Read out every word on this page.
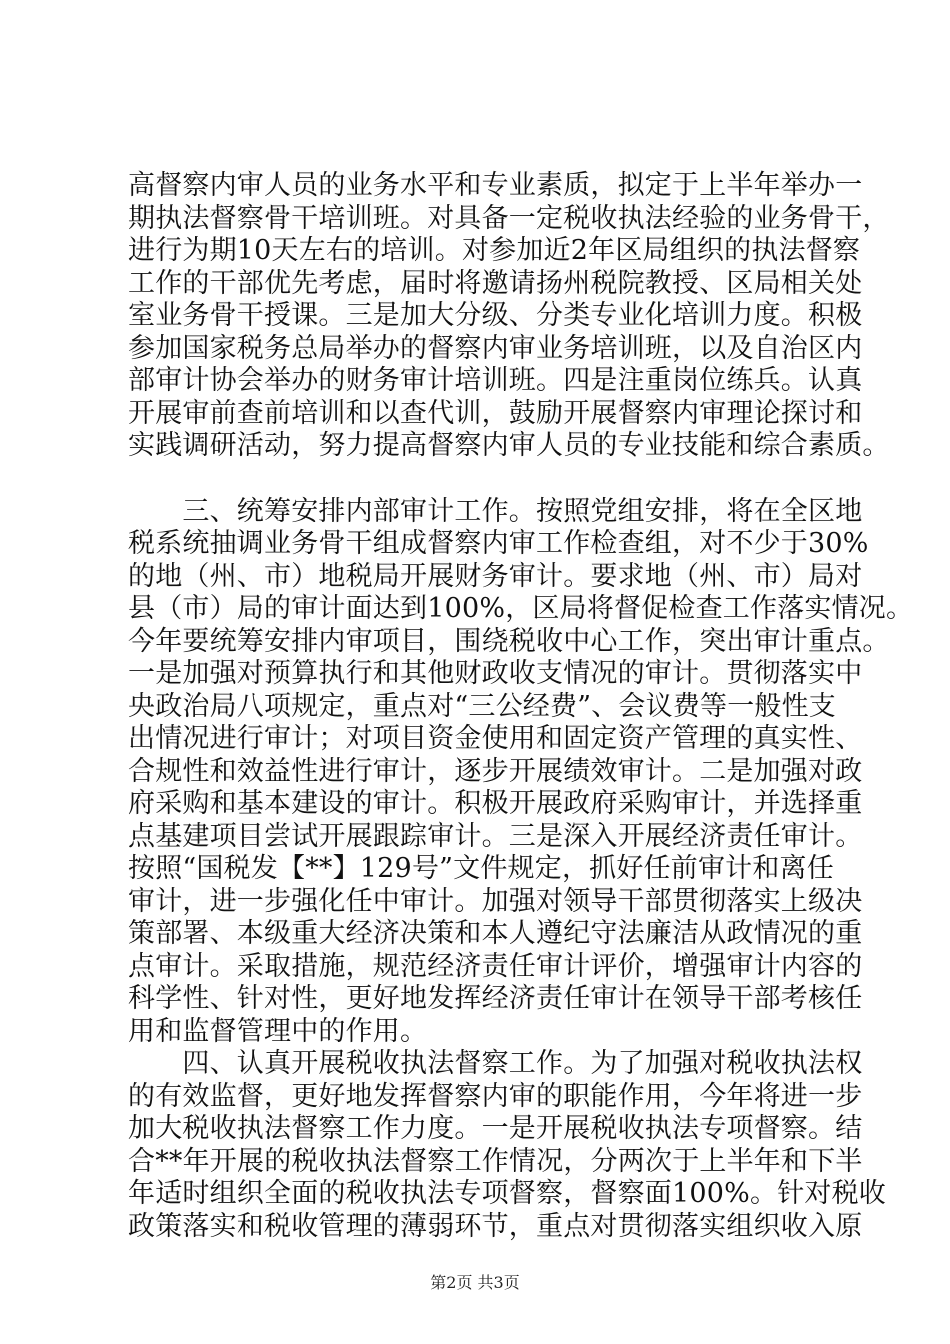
高督察内审人员的业务水平和专业素质，拟定于上半年举办一
期执法督察骨干培训班。对具备一定税收执法经验的业务骨干，
进行为期10天左右的培训。对参加近2年区局组织的执法督察
工作的干部优先考虑，届时将邀请扬州税院教授、区局相关处
室业务骨干授课。三是加大分级、分类专业化培训力度。积极
参加国家税务总局举办的督察内审业务培训班，以及自治区内
部审计协会举办的财务审计培训班。四是注重岗位练兵。认真
开展审前查前培训和以查代训，鼓励开展督察内审理论探讨和
实践调研活动，努力提高督察内审人员的专业技能和综合素质。
　　三、统筹安排内部审计工作。按照党组安排，将在全区地
税系统抽调业务骨干组成督察内审工作检查组，对不少于30%
的地（州、市）地税局开展财务审计。要求地（州、市）局对
县（市）局的审计面达到100%，区局将督促检查工作落实情况。
今年要统筹安排内审项目，围绕税收中心工作，突出审计重点。
一是加强对预算执行和其他财政收支情况的审计。贯彻落实中
央政治局八项规定，重点对“三公经费”、会议费等一般性支
出情况进行审计；对项目资金使用和固定资产管理的真实性、
合规性和效益性进行审计，逐步开展绩效审计。二是加强对政
府采购和基本建设的审计。积极开展政府采购审计，并选择重
点基建项目尝试开展跟踪审计。三是深入开展经济责任审计。
按照“国税发【**】129号”文件规定，抓好任前审计和离任
审计，进一步强化任中审计。加强对领导干部贯彻落实上级决
策部署、本级重大经济决策和本人遵纪守法廉洁从政情况的重
点审计。采取措施，规范经济责任审计评价，增强审计内容的
科学性、针对性，更好地发挥经济责任审计在领导干部考核任
用和监督管理中的作用。
　　四、认真开展税收执法督察工作。为了加强对税收执法权
的有效监督，更好地发挥督察内审的职能作用，今年将进一步
加大税收执法督察工作力度。一是开展税收执法专项督察。结
合**年开展的税收执法督察工作情况，分两次于上半年和下半
年适时组织全面的税收执法专项督察，督察面100%。针对税收
政策落实和税收管理的薄弱环节，重点对贯彻落实组织收入原
第2页 共3页
